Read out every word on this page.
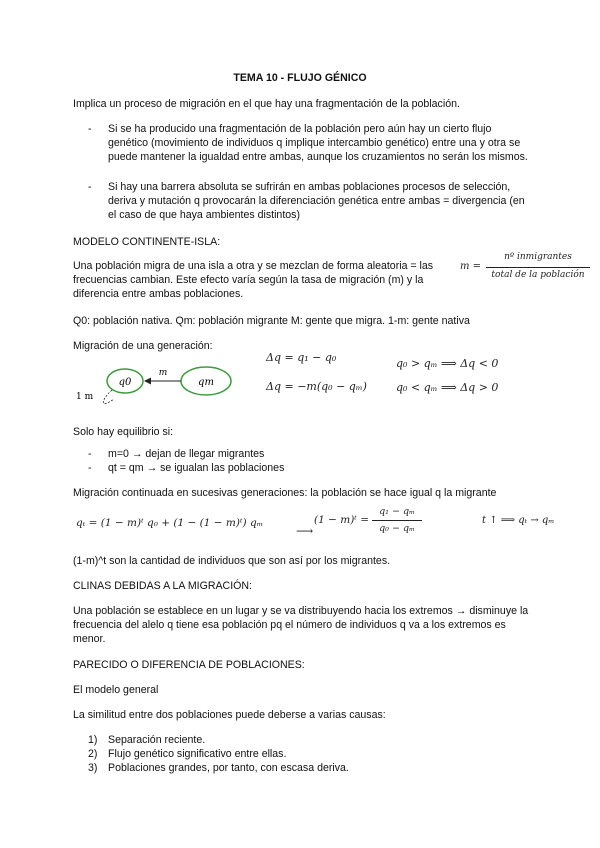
TEMA 10 - FLUJO GÉNICO
Implica un proceso de migración en el que hay una fragmentación de la población.
- Si se ha producido una fragmentación de la población pero aún hay un cierto flujo genético (movimiento de individuos q implique intercambio genético) entre una y otra se puede mantener la igualdad entre ambas, aunque los cruzamientos no serán los mismos.
- Si hay una barrera absoluta se sufrirán en ambas poblaciones procesos de selección, deriva y mutación q provocarán la diferenciación genética entre ambas = divergencia (en el caso de que haya ambientes distintos)
MODELO CONTINENTE-ISLA:
Una población migra de una isla a otra y se mezclan de forma aleatoria = las frecuencias cambian. Este efecto varía según la tasa de migración (m) y la diferencia entre ambas poblaciones.
m =
nº inmigrantes
total de la población
Q0: población nativa. Qm: población migrante M: gente que migra. 1-m: gente nativa
Migración de una generación:
q0	qm
m
1 m
Δq = q₁ − q₀
Δq = −m(q₀ − qₘ)
q₀ > qₘ ⟹ Δq < 0
q₀ < qₘ ⟹ Δq > 0
Solo hay equilibrio si:
- m=0 → dejan de llegar migrantes
- qt = qm → se igualan las poblaciones
Migración continuada en sucesivas generaciones: la población se hace igual q la migrante
qₜ = (1 − m)ᵗ q₀ + (1 − (1 − m)ᵗ) qₘ
⟶
(1 − m)ᵗ =
q₁ − qₘ
q₀ − qₘ
t ↑ ⟹ qₜ → qₘ
(1-m)^t son la cantidad de individuos que son así por los migrantes.
CLINAS DEBIDAS A LA MIGRACIÓN:
Una población se establece en un lugar y se va distribuyendo hacia los extremos → disminuye la frecuencia del alelo q tiene esa población pq el número de individuos q va a los extremos es menor.
PARECIDO O DIFERENCIA DE POBLACIONES:
El modelo general
La similitud entre dos poblaciones puede deberse a varias causas:
1) Separación reciente.
2) Flujo genético significativo entre ellas.
3) Poblaciones grandes, por tanto, con escasa deriva.
